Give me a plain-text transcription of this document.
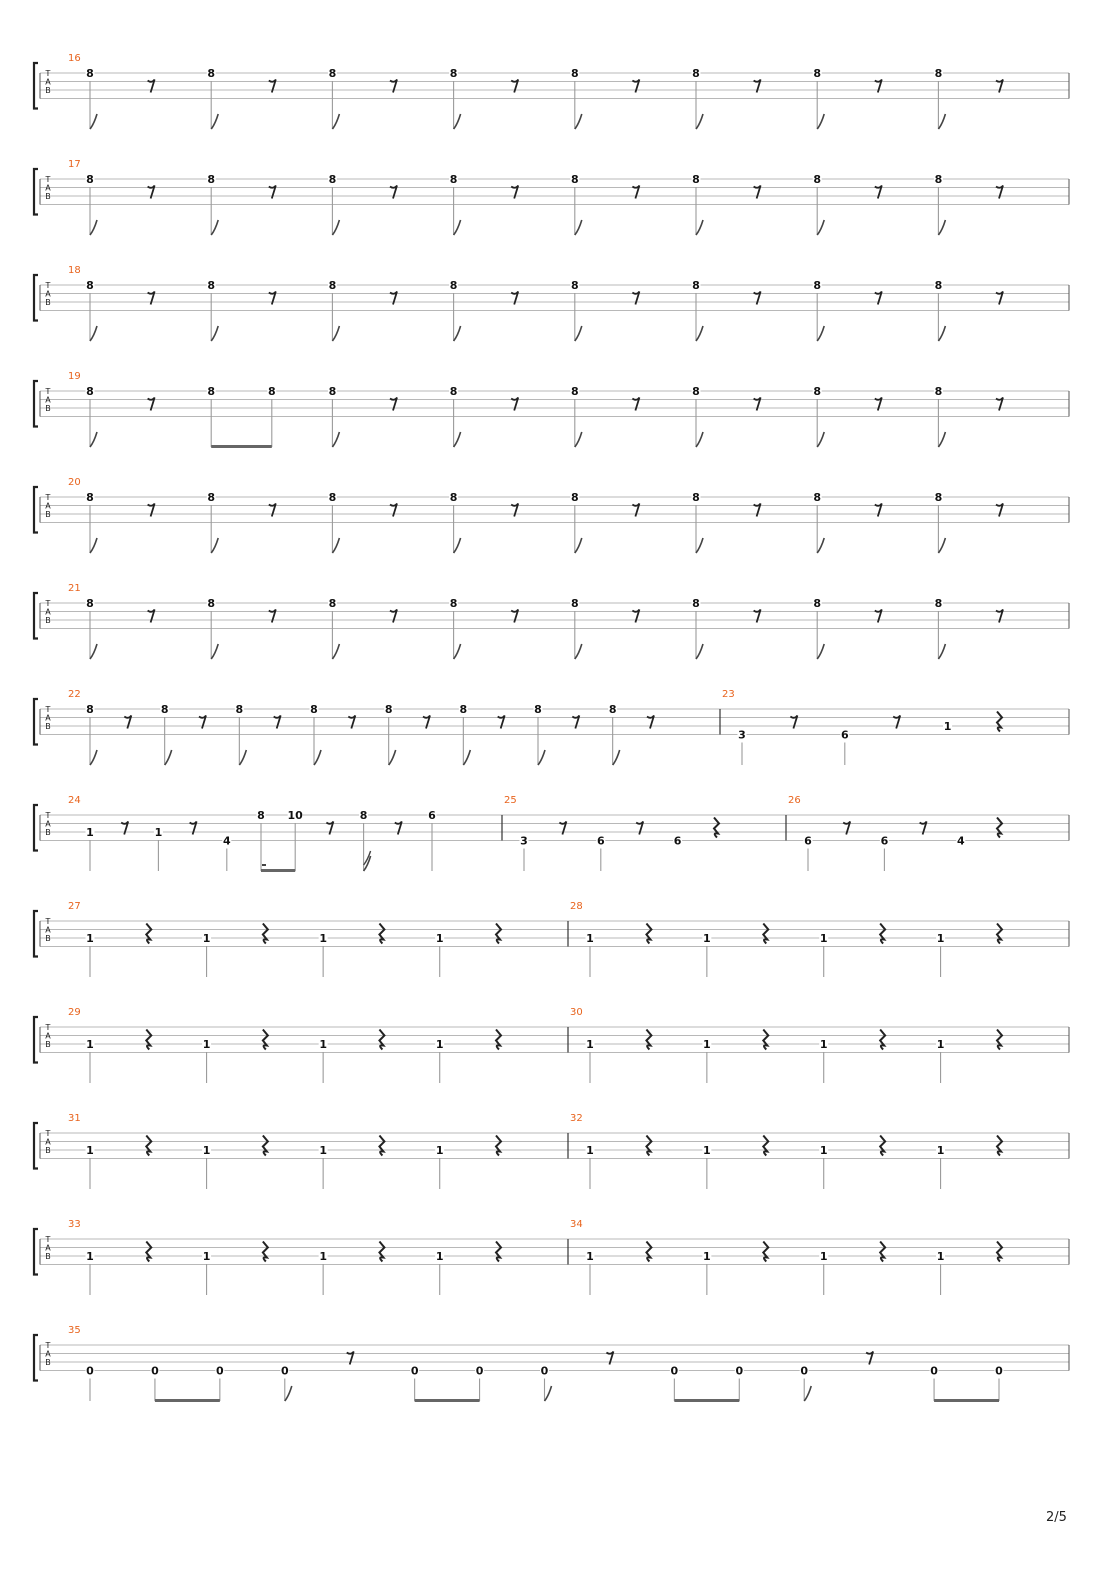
T
A
B
16
8	8	8	8	8	8	8	8
T
A
B
17
8	8	8	8	8	8	8	8
T
A
B
18
8	8	8	8	8	8	8	8
T
A
B
19
8	8	8	8	8	8	8	8	8
T
A
B
20
8	8	8	8	8	8	8	8
T
A
B
21
8	8	8	8	8	8	8	8
T
A
B
22
8	8	8	8	8	8	8	8
23
3	6
1
T
A
B
24
1	1
4
8 10	8	6
25
3	6	6
26
6	6	4
T
A
B
27
1	1	1	1
28
1	1	1	1
T
A
B
29
1	1	1	1
30
1	1	1	1
T
A
B
31
1	1	1	1
32
1	1	1	1
T
A
B
33
1	1	1	1
34
1	1	1	1
T
A
B
35
0	0	0	0	0	0	0	0	0	0	0	0
2/5
